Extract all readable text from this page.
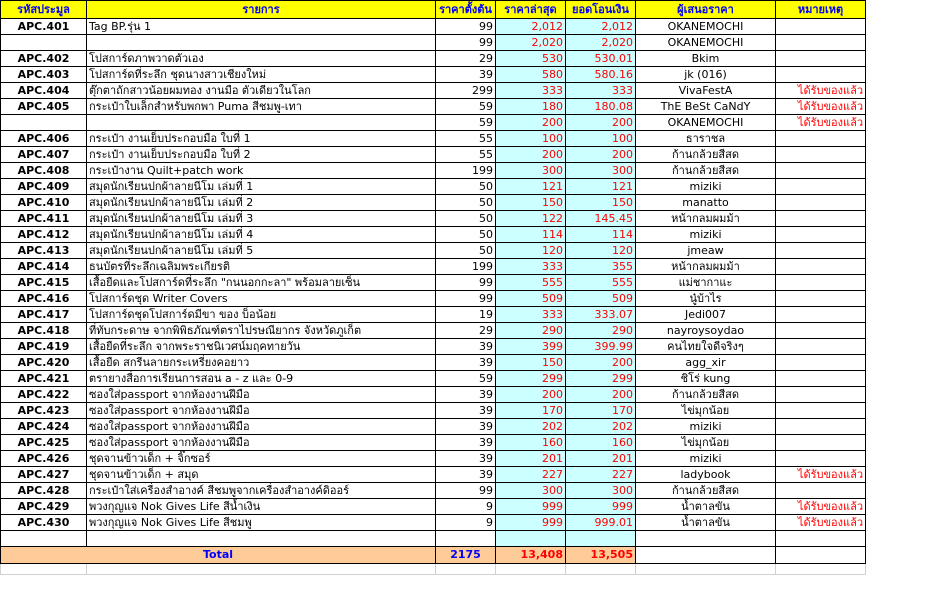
รหัสประมูล	รายการ	ราคาตั้งต้น	ราคาล่าสุด	ยอดโอนเงิน	ผู้เสนอราคา	หมายเหตุ
APC.401	Tag BP.รุ่น 1	99	2,012	2,012	OKANEMOCHI	
		99	2,020	2,020	OKANEMOCHI	
APC.402	โปสการ์ดภาพวาดตัวเอง	29	530	530.01	Bkim	
APC.403	โปสการ์ดที่ระลึก ชุดนางสาวเชียงใหม่	39	580	580.16	jk (016)	
APC.404	ตุ๊กตาถักสาวน้อยผมทอง งานมือ ตัวเดียวในโลก	299	333	333	VivaFestA	ได้รับของแล้ว
APC.405	กระเป๋าใบเล็กสำหรับพกพา Puma สีชมพู-เทา	59	180	180.08	ThE BeSt CaNdY	ได้รับของแล้ว
		59	200	200	OKANEMOCHI	ได้รับของแล้ว
APC.406	กระเป๋า งานเย็บประกอบมือ ใบที่ 1	55	100	100	ธาราชล	
APC.407	กระเป๋า งานเย็บประกอบมือ ใบที่ 2	55	200	200	ก้านกล้วยสีสด	
APC.408	กระเป๋างาน Quilt+patch work	199	300	300	ก้านกล้วยสีสด	
APC.409	สมุดนักเรียนปกผ้าลายนีโม เล่มที่ 1	50	121	121	miziki	
APC.410	สมุดนักเรียนปกผ้าลายนีโม เล่มที่ 2	50	150	150	manatto	
APC.411	สมุดนักเรียนปกผ้าลายนีโม เล่มที่ 3	50	122	145.45	หน้ากลมผมม้า	
APC.412	สมุดนักเรียนปกผ้าลายนีโม เล่มที่ 4	50	114	114	miziki	
APC.413	สมุดนักเรียนปกผ้าลายนีโม เล่มที่ 5	50	120	120	jmeaw	
APC.414	ธนบัตรที่ระลึกเฉลิมพระเกียรติ	199	333	355	หน้ากลมผมม้า	
APC.415	เสื้อยืดและโปสการ์ดที่ระลึก "กนนอกกะลา" พร้อมลายเซ็น	99	555	555	แม่ชากาแะ	
APC.416	โปสการ์ดชุด Writer Covers	99	509	509	นู๋บ้าไร	
APC.417	โปสการ์ดชุดโปสการ์ดมีขา ของ บ็อน้อย	19	333	333.07	Jedi007	
APC.418	ที่ทับกระดาษ จากพิพิธภัณฑ์ตราไปรษณียากร จังหวัดภูเก็ต	29	290	290	nayroysoydao	
APC.419	เสื้อยืดที่ระลึก จากพระราชนิเวศน์มฤคทายวัน	39	399	399.99	คนไทยใจดีจริงๆ	
APC.420	เสื้อยืด สกรีนลายกระเหรี่ยงคอยาว	39	150	200	agg_xir	
APC.421	ตรายางสื่อการเรียนการสอน a - z และ 0-9	59	299	299	ชิโร่ kung	
APC.422	ซองใส่passport จากห้องงานฝีมือ	39	200	200	ก้านกล้วยสีสด	
APC.423	ซองใส่passport จากห้องงานฝีมือ	39	170	170	ไข่มุกน้อย	
APC.424	ซองใส่passport จากห้องงานฝีมือ	39	202	202	miziki	
APC.425	ซองใส่passport จากห้องงานฝีมือ	39	160	160	ไข่มุกน้อย	
APC.426	ชุดจานข้าวเด็ก + จิ๊กซอร์	39	201	201	miziki	
APC.427	ชุดจานข้าวเด็ก + สมุด	39	227	227	ladybook	ได้รับของแล้ว
APC.428	กระเป๋าใส่เครื่องสำอางค์ สีชมพูจากเครื่องสำอางค์ดิออร์	99	300	300	ก้านกล้วยสีสด	
APC.429	พวงกุญแจ Nok Gives Life สีน้ำเงิน	9	999	999	น้ำตาลขัน	ได้รับของแล้ว
APC.430	พวงกุญแจ Nok Gives Life สีชมพู	9	999	999.01	น้ำตาลขัน	ได้รับของแล้ว

Total		2175	13,408	13,505		
